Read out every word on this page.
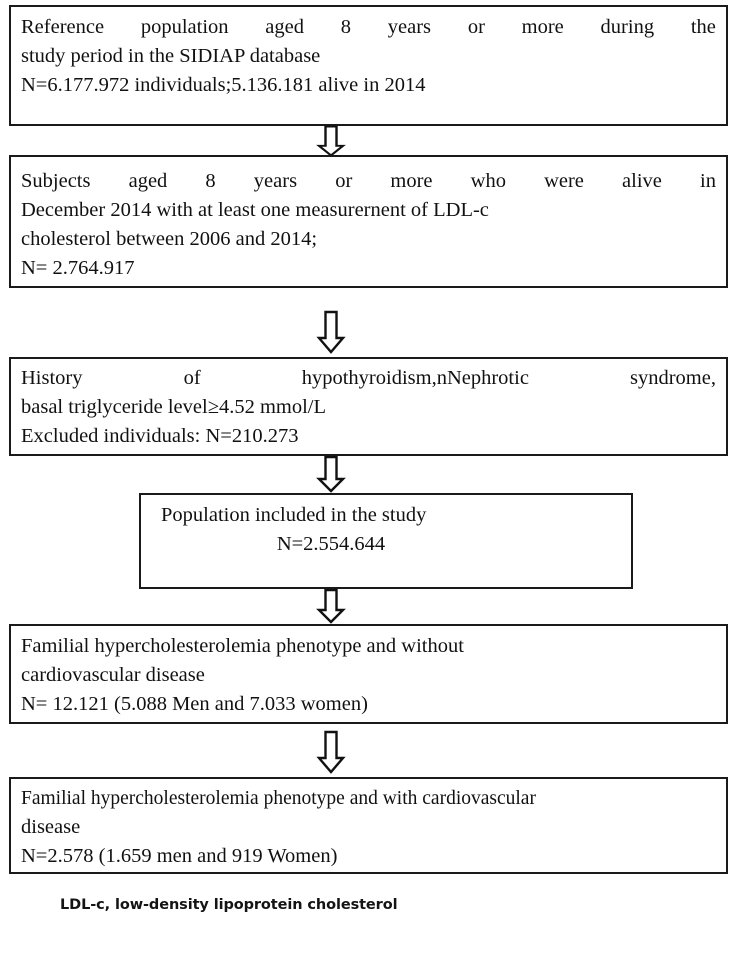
Reference population aged 8 years or more during the
study period in the SIDIAP database
N=6.177.972 individuals;5.136.181 alive in 2014
Subjects aged 8 years or more who were alive in
December 2014 with at least one measurernent of LDL-c
cholesterol between 2006 and 2014;
N= 2.764.917
History	of	hypothyroidism,nNephrotic	syndrome,
basal triglyceride level≥4.52 mmol/L
Excluded individuals: N=210.273
Population included in the study
N=2.554.644
Familial hypercholesterolemia phenotype and without
cardiovascular disease
N= 12.121 (5.088 Men and 7.033 women)
Familial hypercholesterolemia phenotype and with cardiovascular
disease
N=2.578 (1.659 men and 919 Women)
LDL-c, low-density lipoprotein cholesterol
